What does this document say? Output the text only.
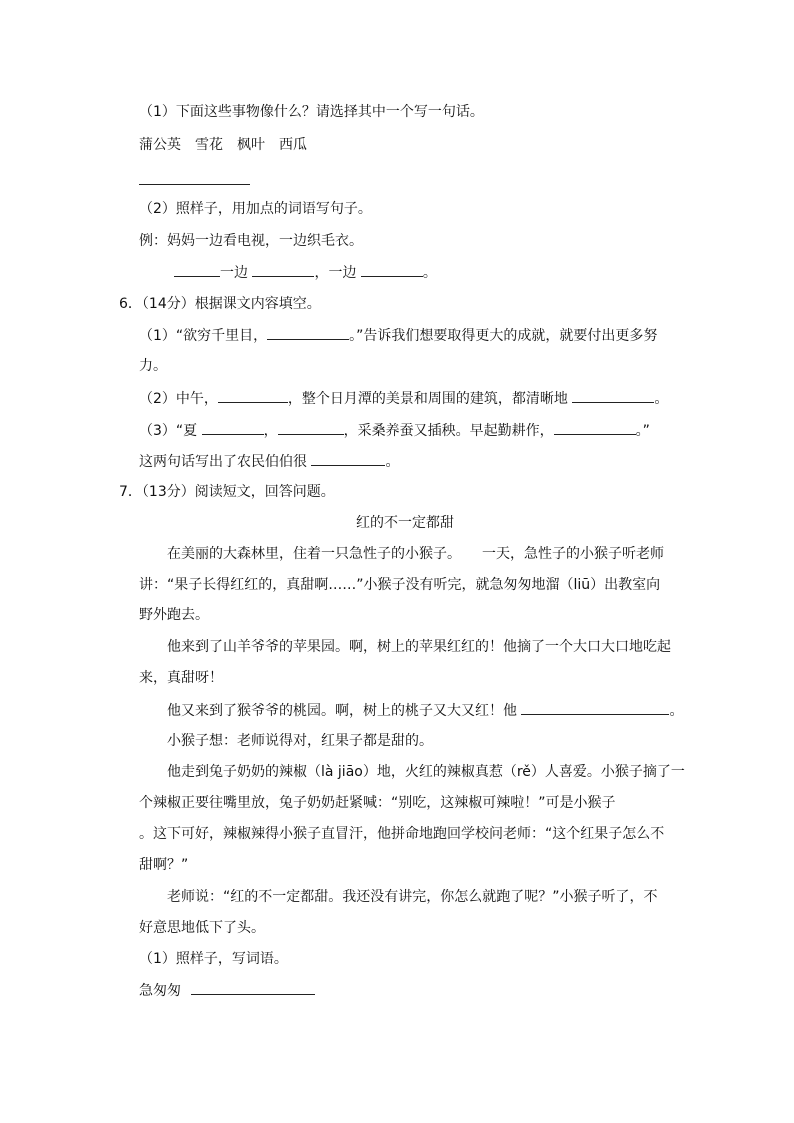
（1）下面这些事物像什么？请选择其中一个写一句话。
蒲公英　雪花　枫叶　西瓜
（2）照样子，用加点的词语写句子。
例：妈妈一边看电视，一边织毛衣。
一边	，一边	。
6．（14分）根据课文内容填空。
（1）“欲穷千里目，	。”告诉我们想要取得更大的成就，就要付出更多努
力。
（2）中午，	，整个日月潭的美景和周围的建筑，都清晰地	。
（3）“夏	，	，采桑养蚕又插秧。早起勤耕作，	。”
这两句话写出了农民伯伯很	。
7．（13分）阅读短文，回答问题。
红的不一定都甜
在美丽的大森林里，住着一只急性子的小猴子。　　一天，急性子的小猴子听老师
讲：“果子长得红红的，真甜啊……”小猴子没有听完，就急匆匆地溜（liū）出教室向
野外跑去。
他来到了山羊爷爷的苹果园。啊，树上的苹果红红的！他摘了一个大口大口地吃起
来，真甜呀！
他又来到了猴爷爷的桃园。啊，树上的桃子又大又红！他	。
小猴子想：老师说得对，红果子都是甜的。
他走到兔子奶奶的辣椒（là jiāo）地，火红的辣椒真惹（rě）人喜爱。小猴子摘了一
个辣椒正要往嘴里放，兔子奶奶赶紧喊：“别吃，这辣椒可辣啦！”可是小猴子
。这下可好，辣椒辣得小猴子直冒汗，他拼命地跑回学校问老师：“这个红果子怎么不
甜啊？”
老师说：“红的不一定都甜。我还没有讲完，你怎么就跑了呢？”小猴子听了，不
好意思地低下了头。
（1）照样子，写词语。
急匆匆
